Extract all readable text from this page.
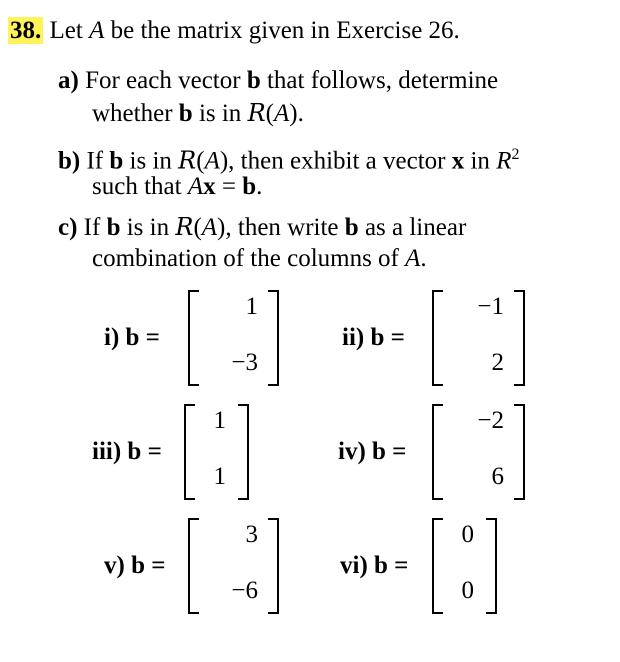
38. Let A be the matrix given in Exercise 26.
a) For each vector b that follows, determine
whether b is in R(A).
b) If b is in R(A), then exhibit a vector x in $R^2$
such that Ax = b.
c) If b is in R(A), then write b as a linear
combination of the columns of A.
i) b =
1
−3
ii) b =
−1
2
iii) b =
1
1
iv) b =
−2
6
v) b =
3
−6
vi) b =
0
0
